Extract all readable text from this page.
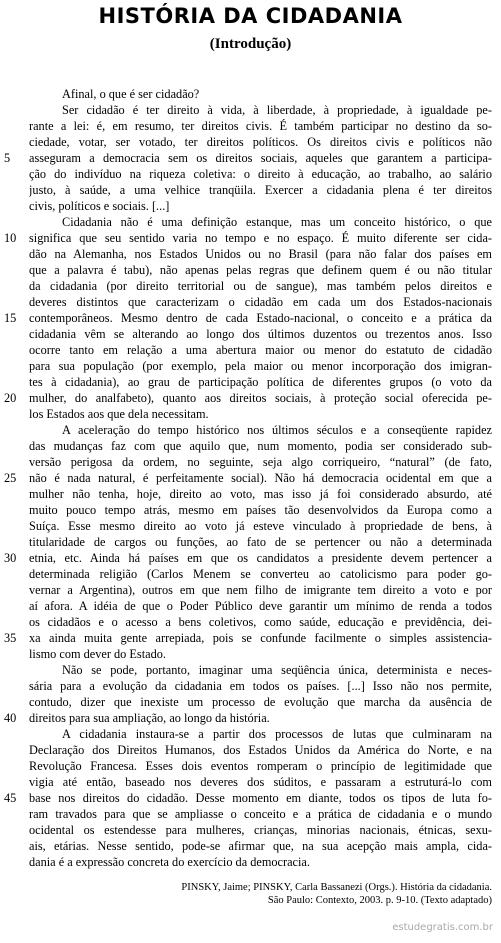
HISTÓRIA DA CIDADANIA
(Introdução)
Afinal, o que é ser cidadão?
Ser cidadão é ter direito à vida, à liberdade, à propriedade, à igualdade pe-
rante a lei: é, em resumo, ter direitos civis. É também participar no destino da so-
ciedade, votar, ser votado, ter direitos políticos. Os direitos civis e políticos não
asseguram a democracia sem os direitos sociais, aqueles que garantem a participa-
ção do indivíduo na riqueza coletiva: o direito à educação, ao trabalho, ao salário
justo, à saúde, a uma velhice tranqüila. Exercer a cidadania plena é ter direitos
civis, políticos e sociais. [...]
Cidadania não é uma definição estanque, mas um conceito histórico, o que
significa que seu sentido varia no tempo e no espaço. É muito diferente ser cida-
dão na Alemanha, nos Estados Unidos ou no Brasil (para não falar dos países em
que a palavra é tabu), não apenas pelas regras que definem quem é ou não titular
da cidadania (por direito territorial ou de sangue), mas também pelos direitos e
deveres distintos que caracterizam o cidadão em cada um dos Estados-nacionais
contemporâneos. Mesmo dentro de cada Estado-nacional, o conceito e a prática da
cidadania vêm se alterando ao longo dos últimos duzentos ou trezentos anos. Isso
ocorre tanto em relação a uma abertura maior ou menor do estatuto de cidadão
para sua população (por exemplo, pela maior ou menor incorporação dos imigran-
tes à cidadania), ao grau de participação política de diferentes grupos (o voto da
mulher, do analfabeto), quanto aos direitos sociais, à proteção social oferecida pe-
los Estados aos que dela necessitam.
A aceleração do tempo histórico nos últimos séculos e a conseqüente rapidez
das mudanças faz com que aquilo que, num momento, podia ser considerado sub-
versão perigosa da ordem, no seguinte, seja algo corriqueiro, “natural” (de fato,
não é nada natural, é perfeitamente social). Não há democracia ocidental em que a
mulher não tenha, hoje, direito ao voto, mas isso já foi considerado absurdo, até
muito pouco tempo atrás, mesmo em países tão desenvolvidos da Europa como a
Suíça. Esse mesmo direito ao voto já esteve vinculado à propriedade de bens, à
titularidade de cargos ou funções, ao fato de se pertencer ou não a determinada
etnia, etc. Ainda há países em que os candidatos a presidente devem pertencer a
determinada religião (Carlos Menem se converteu ao catolicismo para poder go-
vernar a Argentina), outros em que nem filho de imigrante tem direito a voto e por
aí afora. A idéia de que o Poder Público deve garantir um mínimo de renda a todos
os cidadãos e o acesso a bens coletivos, como saúde, educação e previdência, dei-
xa ainda muita gente arrepiada, pois se confunde facilmente o simples assistencia-
lismo com dever do Estado.
Não se pode, portanto, imaginar uma seqüência única, determinista e neces-
sária para a evolução da cidadania em todos os países. [...] Isso não nos permite,
contudo, dizer que inexiste um processo de evolução que marcha da ausência de
direitos para sua ampliação, ao longo da história.
A cidadania instaura-se a partir dos processos de lutas que culminaram na
Declaração dos Direitos Humanos, dos Estados Unidos da América do Norte, e na
Revolução Francesa. Esses dois eventos romperam o princípio de legitimidade que
vigia até então, baseado nos deveres dos súditos, e passaram a estruturá-lo com
base nos direitos do cidadão. Desse momento em diante, todos os tipos de luta fo-
ram travados para que se ampliasse o conceito e a prática de cidadania e o mundo
ocidental os estendesse para mulheres, crianças, minorias nacionais, étnicas, sexu-
ais, etárias. Nesse sentido, pode-se afirmar que, na sua acepção mais ampla, cida-
dania é a expressão concreta do exercício da democracia.
5
10
15
20
25
30
35
40
45
PINSKY, Jaime; PINSKY, Carla Bassanezi (Orgs.). História da cidadania.
São Paulo: Contexto, 2003. p. 9-10. (Texto adaptado)
estudegratis.com.br
